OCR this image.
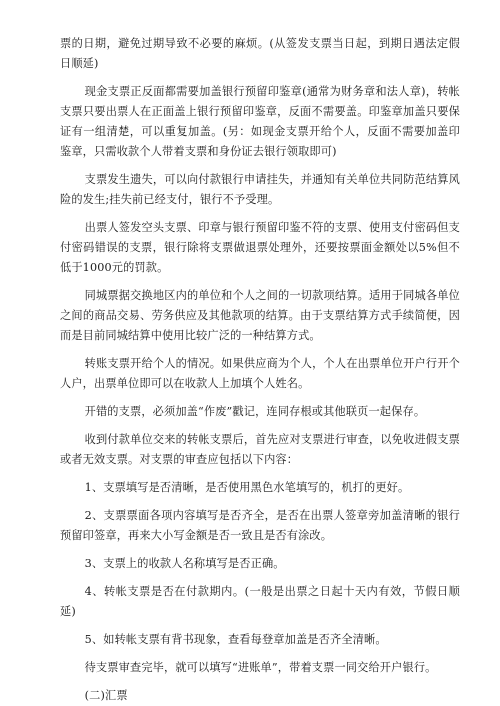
票的日期，避免过期导致不必要的麻烦。(从签发支票当日起，到期日遇法定假日顺延)

现金支票正反面都需要加盖银行预留印鉴章(通常为财务章和法人章)，转帐支票只要出票人在正面盖上银行预留印鉴章，反面不需要盖。印鉴章加盖只要保证有一组清楚，可以重复加盖。(另：如现金支票开给个人，反面不需要加盖印鉴章，只需收款个人带着支票和身份证去银行领取即可)

支票发生遗失，可以向付款银行申请挂失，并通知有关单位共同防范结算风险的发生;挂失前已经支付，银行不予受理。

出票人签发空头支票、印章与银行预留印鉴不符的支票、使用支付密码但支付密码错误的支票，银行除将支票做退票处理外，还要按票面金额处以5%但不低于1000元的罚款。

同城票据交换地区内的单位和个人之间的一切款项结算。适用于同城各单位之间的商品交易、劳务供应及其他款项的结算。由于支票结算方式手续简便，因而是目前同城结算中使用比较广泛的一种结算方式。

转账支票开给个人的情况。如果供应商为个人，个人在出票单位开户行开个人户，出票单位即可以在收款人上加填个人姓名。

开错的支票，必须加盖“作废”戳记，连同存根或其他联页一起保存。

收到付款单位交来的转帐支票后，首先应对支票进行审查，以免收进假支票或者无效支票。对支票的审查应包括以下内容：

1、支票填写是否清晰，是否使用黑色水笔填写的，机打的更好。

2、支票票面各项内容填写是否齐全，是否在出票人签章旁加盖清晰的银行预留印签章，再来大小写金额是否一致且是否有涂改。

3、支票上的收款人名称填写是否正确。

4、转帐支票是否在付款期内。(一般是出票之日起十天内有效，节假日顺延)

5、如转帐支票有背书现象，查看每登章加盖是否齐全清晰。

待支票审查完毕，就可以填写“进账单”，带着支票一同交给开户银行。

(二)汇票
